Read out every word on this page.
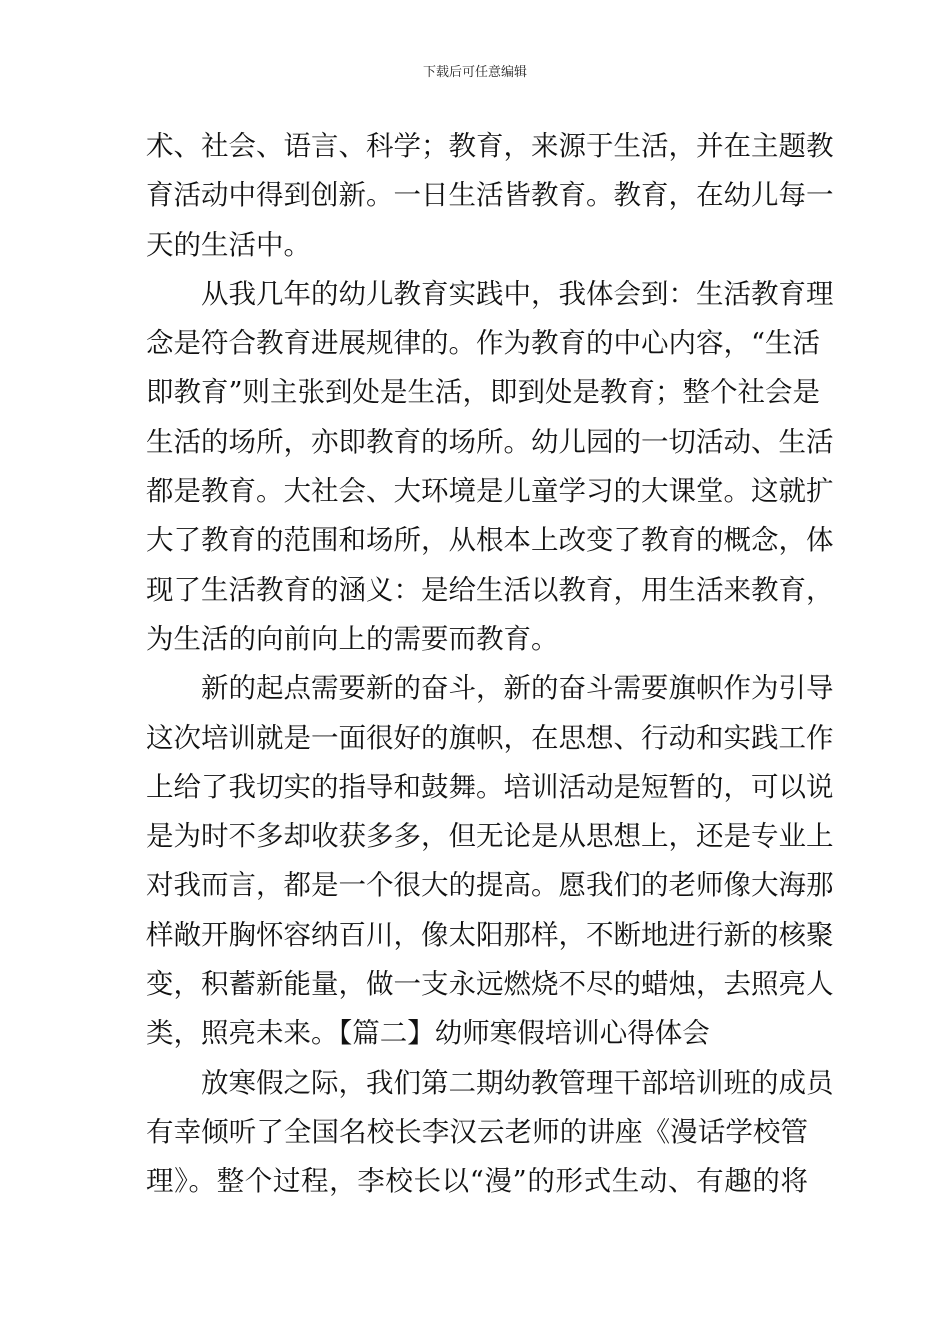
下载后可任意编辑
术、社会、语言、科学；教育，来源于生活，并在主题教
育活动中得到创新。一日生活皆教育。教育，在幼儿每一
天的生活中。
从我几年的幼儿教育实践中，我体会到：生活教育理
念是符合教育进展规律的。作为教育的中心内容，“生活
即教育”则主张到处是生活，即到处是教育；整个社会是
生活的场所，亦即教育的场所。幼儿园的一切活动、生活
都是教育。大社会、大环境是儿童学习的大课堂。这就扩
大了教育的范围和场所，从根本上改变了教育的概念，体
现了生活教育的涵义：是给生活以教育，用生活来教育，
为生活的向前向上的需要而教育。
新的起点需要新的奋斗，新的奋斗需要旗帜作为引导
这次培训就是一面很好的旗帜，在思想、行动和实践工作
上给了我切实的指导和鼓舞。培训活动是短暂的，可以说
是为时不多却收获多多，但无论是从思想上，还是专业上
对我而言，都是一个很大的提高。愿我们的老师像大海那
样敞开胸怀容纳百川，像太阳那样，不断地进行新的核聚
变，积蓄新能量，做一支永远燃烧不尽的蜡烛，去照亮人
类，照亮未来。【篇二】幼师寒假培训心得体会
放寒假之际，我们第二期幼教管理干部培训班的成员
有幸倾听了全国名校长李汉云老师的讲座《漫话学校管
理》。整个过程，李校长以“漫”的形式生动、有趣的将
